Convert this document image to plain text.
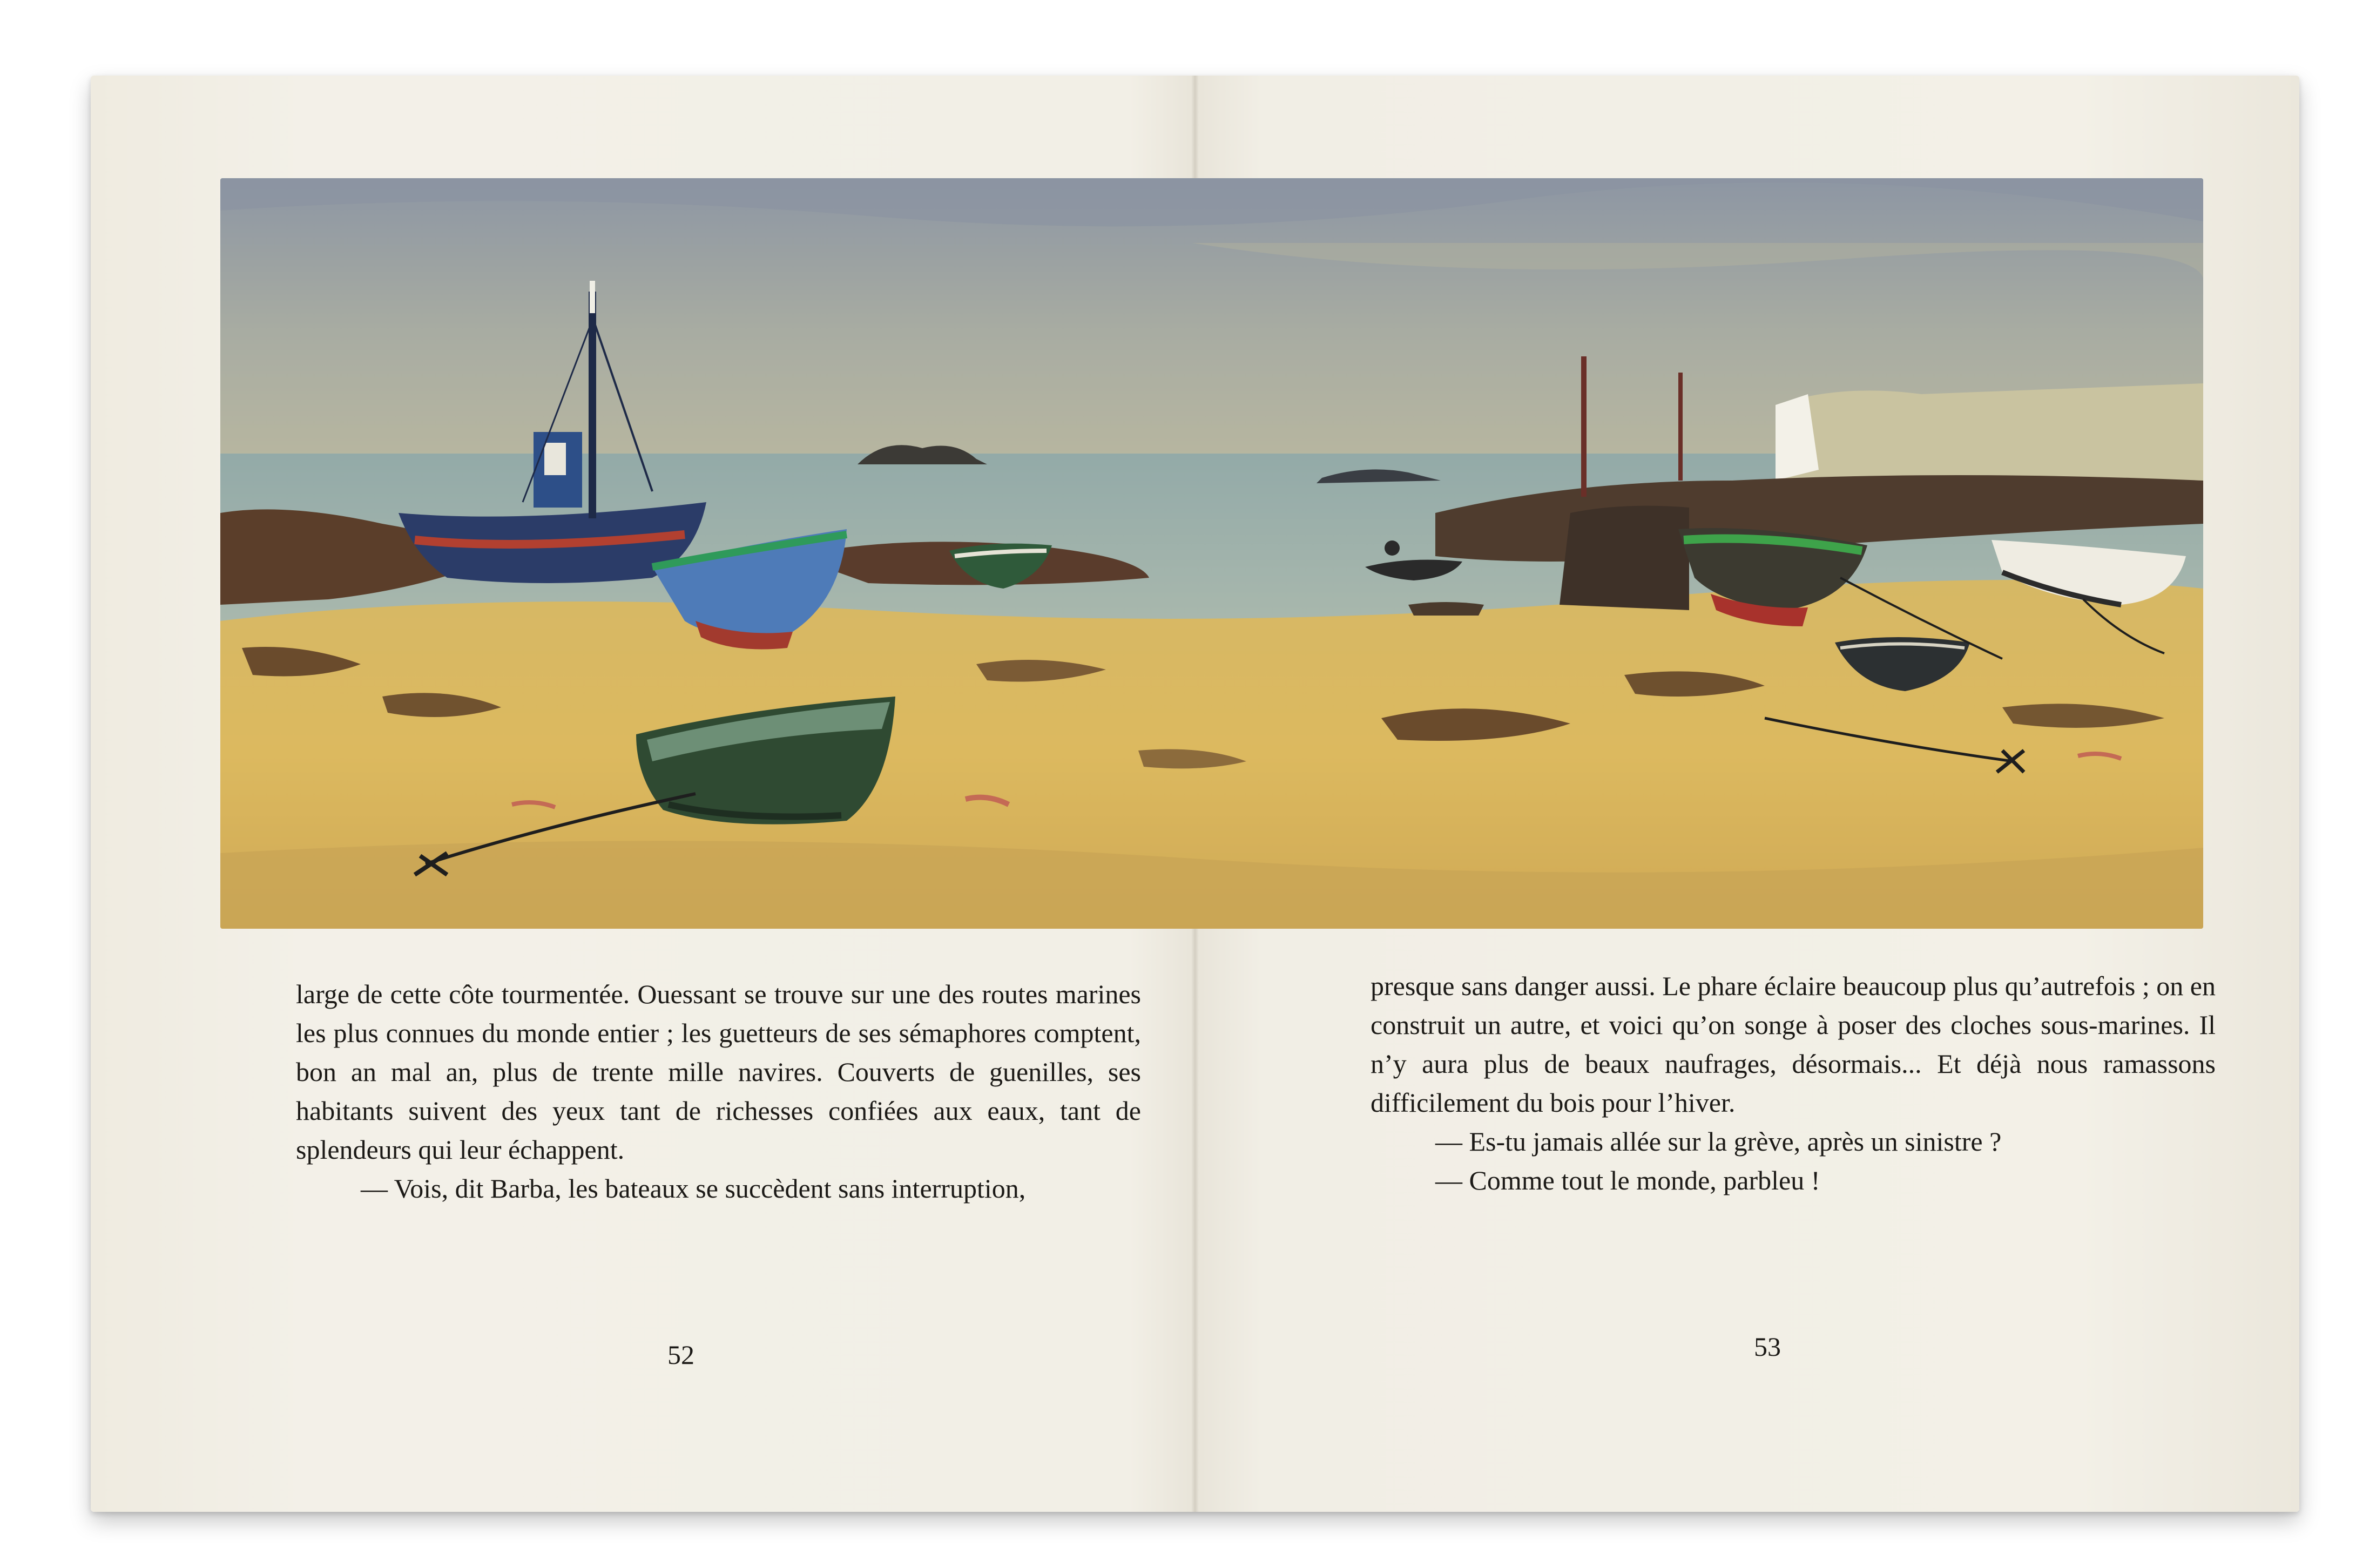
large de cette côte tourmentée. Ouessant se trouve sur une des routes marines les plus connues du monde entier ; les guetteurs de ses sémaphores comptent, bon an mal an, plus de trente mille navires. Couverts de guenilles, ses habitants suivent des yeux tant de richesses confiées aux eaux, tant de splendeurs qui leur échappent.

— Vois, dit Barba, les bateaux se succèdent sans interruption,

52

presque sans danger aussi. Le phare éclaire beaucoup plus qu’autrefois ; on en construit un autre, et voici qu’on songe à poser des cloches sous-marines. Il n’y aura plus de beaux naufrages, désormais... Et déjà nous ramassons difficilement du bois pour l’hiver.

— Es-tu jamais allée sur la grève, après un sinistre ?

— Comme tout le monde, parbleu !

53
